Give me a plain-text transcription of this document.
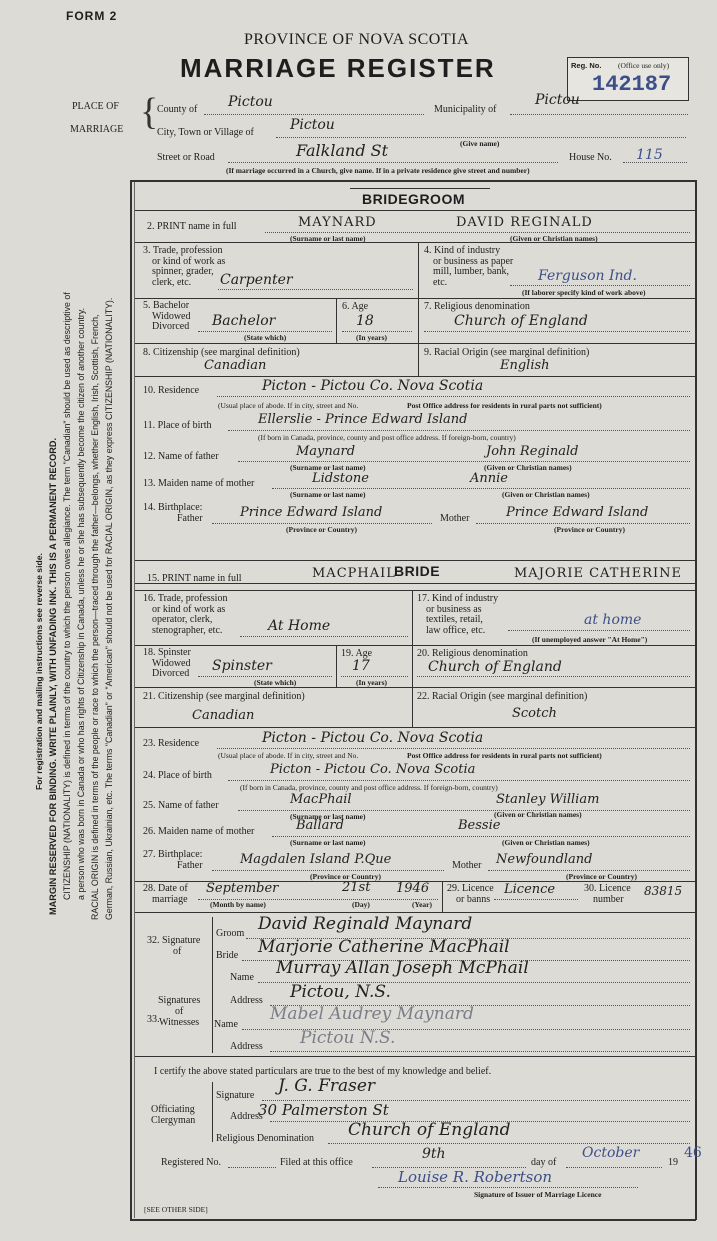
FORM 2
PROVINCE OF NOVA SCOTIA
MARRIAGE REGISTER	Reg. No. (Office use only)
142187
PLACE OF
MARRIAGE {
County of Pictou	Municipality of
Pictou
City, Town or Village of	Pictou
(Give name)
Street or Road	Falkland St	House No. 115
(If marriage occurred in a Church, give name. If in a private residence give street and number)
MARGIN RESERVED FOR BINDING. WRITE PLAINLY, WITH UNFADING INK. THIS IS A PERMANENT RECORD.
For registration and mailing instructions see reverse side. CITIZENSHIP (NATIONALITY) is defined in terms of the country to which the person owes allegiance. The term "Canadian" should be used as descriptive of a person who was born in Canada or who has rights of Citizenship in Canada, unless he or she has subsequently become the citizen of another country. RACIAL ORIGIN is defined in terms of the people or race to which the person—traced through the father—belongs, whether English, Irish, Scottish, French, German, Russian, Ukrainian, etc. The terms "Canadian" or "American" should not be used for RACIAL ORIGIN, as they express CITIZENSHIP (NATIONALITY).
BRIDEGROOM
2. PRINT name in full	MAYNARD	DAVID REGINALD
(Surname or last name)	(Given or Christian names)
3. Trade, profession
or kind of work as
spinner, grader,
clerk, etc.	Carpenter
4. Kind of industry
or business as paper
mill, lumber, bank,
etc.	Ferguson Ind.
(If laborer specify kind of work above)
5. Bachelor
Widowed
Divorced Bachelor
(State which)
6. Age
18
(In years)
7. Religious denomination
Church of England
8. Citizenship (see marginal definition)
Canadian
9. Racial Origin (see marginal definition)
English
10. Residence	Picton - Pictou Co. Nova Scotia
(Usual place of abode. If in city, street and No.	Post Office address for residents in rural parts not sufficient)
11. Place of birth	Ellerslie - Prince Edward Island
(If born in Canada, province, county and post office address. If foreign-born, country)
12. Name of father	Maynard	John Reginald
(Surname or last name)	(Given or Christian names)
13. Maiden name of mother	Lidstone	Annie
(Surname or last name)	(Given or Christian names)
14. Birthplace:
Father	Prince Edward Island	Mother	Prince Edward Island
(Province or Country)	(Province or Country)
BRIDE
15. PRINT name in full	MACPHAIL	MAJORIE CATHERINE
16. Trade, profession
or kind of work as
operator, clerk,
stenographer, etc.	At Home
17. Kind of industry
or business as
textiles, retail,
law office, etc.
at home
(If unemployed answer "At Home")
18. Spinster
Widowed
Divorced Spinster
(State which)
19. Age
17
(In years)
20. Religious denomination
Church of England
21. Citizenship (see marginal definition)
Canadian
22. Racial Origin (see marginal definition)
Scotch
23. Residence	Picton - Pictou Co. Nova Scotia
(Usual place of abode. If in city, street and No.	Post Office address for residents in rural parts not sufficient)
24. Place of birth	Picton - Pictou Co. Nova Scotia
(If born in Canada, province, county and post office address. If foreign-born, country)
25. Name of father	MacPhail	Stanley William
(Surname or last name)	(Given or Christian names)
26. Maiden name of mother	Ballard	Bessie
(Surname or last name)	(Given or Christian names)
27. Birthplace:
Father	Magdalen Island P.Que	Mother Newfoundland
(Province or Country)	(Province or Country)
28. Date of
marriage
September	21st 1946
(Month by name)	(Day)	(Year)
29. Licence
or banns
Licence	30. Licence
number
83815
32. Signature
of
Groom David Reginald Maynard
Bride Marjorie Catherine MacPhail
33.
Signatures
of
Witnesses
Name Murray Allan Joseph McPhail
Address Pictou, N.S.
Name
Mabel Audrey Maynard
Address Pictou N.S.
I certify the above stated particulars are true to the best of my knowledge and belief.
Officiating
Clergyman
Signature J. G. Fraser
Address
30 Palmerston St
Religious Denomination Church of England
Registered No.	Filed at this office
9th
day of
October
19
46
Louise R. Robertson
Signature of Issuer of Marriage Licence
[SEE OTHER SIDE]
